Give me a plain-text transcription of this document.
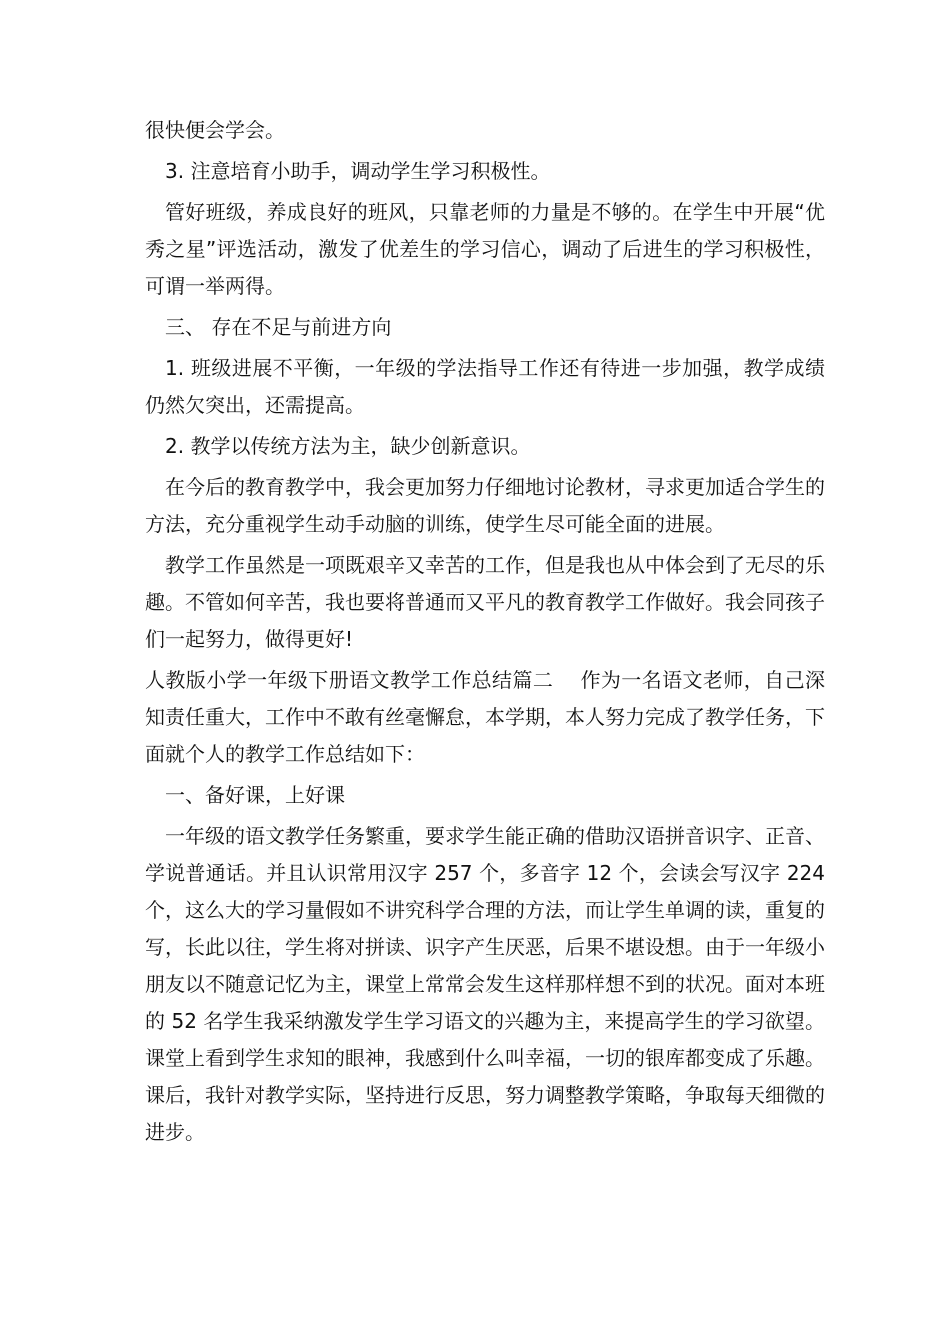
很快便会学会。

3. 注意培育小助手，调动学生学习积极性。

管好班级，养成良好的班风，只靠老师的力量是不够的。在学生中开展“优秀之星”评选活动，激发了优差生的学习信心，调动了后进生的学习积极性，可谓一举两得。

三、 存在不足与前进方向

1. 班级进展不平衡，一年级的学法指导工作还有待进一步加强，教学成绩仍然欠突出，还需提高。

2. 教学以传统方法为主，缺少创新意识。

在今后的教育教学中，我会更加努力仔细地讨论教材，寻求更加适合学生的方法，充分重视学生动手动脑的训练，使学生尽可能全面的进展。

教学工作虽然是一项既艰辛又幸苦的工作，但是我也从中体会到了无尽的乐趣。不管如何辛苦，我也要将普通而又平凡的教育教学工作做好。我会同孩子们一起努力，做得更好!

人教版小学一年级下册语文教学工作总结篇二　 作为一名语文老师，自己深知责任重大，工作中不敢有丝毫懈怠，本学期，本人努力完成了教学任务，下面就个人的教学工作总结如下：

一、备好课，上好课

一年级的语文教学任务繁重，要求学生能正确的借助汉语拼音识字、正音、学说普通话。并且认识常用汉字 257 个，多音字 12 个，会读会写汉字 224 个，这么大的学习量假如不讲究科学合理的方法，而让学生单调的读，重复的写，长此以往，学生将对拼读、识字产生厌恶，后果不堪设想。由于一年级小朋友以不随意记忆为主，课堂上常常会发生这样那样想不到的状况。面对本班的 52 名学生我采纳激发学生学习语文的兴趣为主，来提高学生的学习欲望。课堂上看到学生求知的眼神，我感到什么叫幸福，一切的银库都变成了乐趣。课后，我针对教学实际，坚持进行反思，努力调整教学策略，争取每天细微的进步。
